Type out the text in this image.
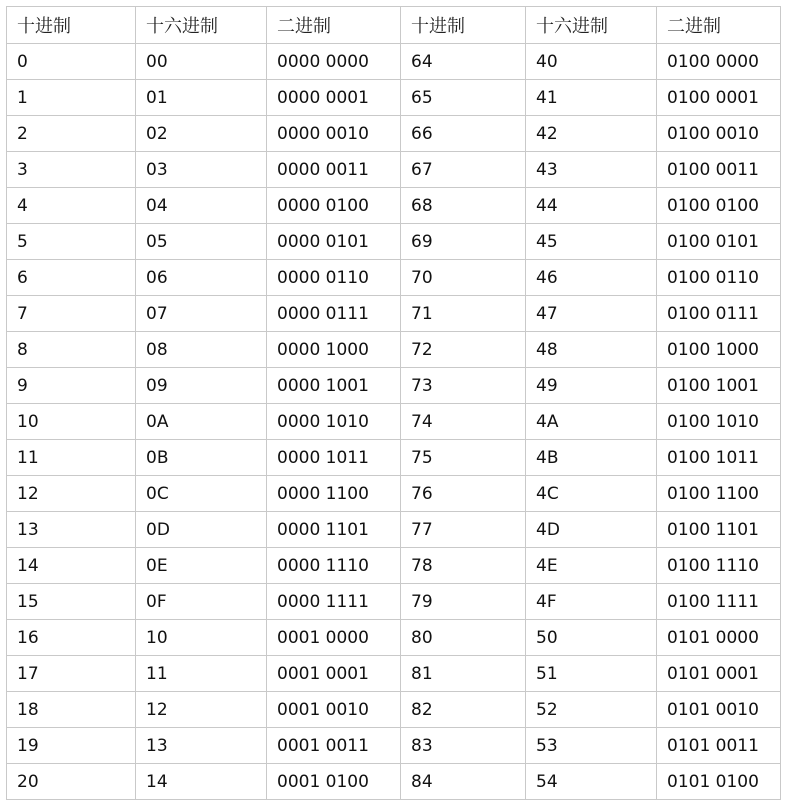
十进制	十六进制	二进制	十进制	十六进制	二进制
0	00	0000 0000	64	40	0100 0000
1	01	0000 0001	65	41	0100 0001
2	02	0000 0010	66	42	0100 0010
3	03	0000 0011	67	43	0100 0011
4	04	0000 0100	68	44	0100 0100
5	05	0000 0101	69	45	0100 0101
6	06	0000 0110	70	46	0100 0110
7	07	0000 0111	71	47	0100 0111
8	08	0000 1000	72	48	0100 1000
9	09	0000 1001	73	49	0100 1001
10	0A	0000 1010	74	4A	0100 1010
11	0B	0000 1011	75	4B	0100 1011
12	0C	0000 1100	76	4C	0100 1100
13	0D	0000 1101	77	4D	0100 1101
14	0E	0000 1110	78	4E	0100 1110
15	0F	0000 1111	79	4F	0100 1111
16	10	0001 0000	80	50	0101 0000
17	11	0001 0001	81	51	0101 0001
18	12	0001 0010	82	52	0101 0010
19	13	0001 0011	83	53	0101 0011
20	14	0001 0100	84	54	0101 0100
